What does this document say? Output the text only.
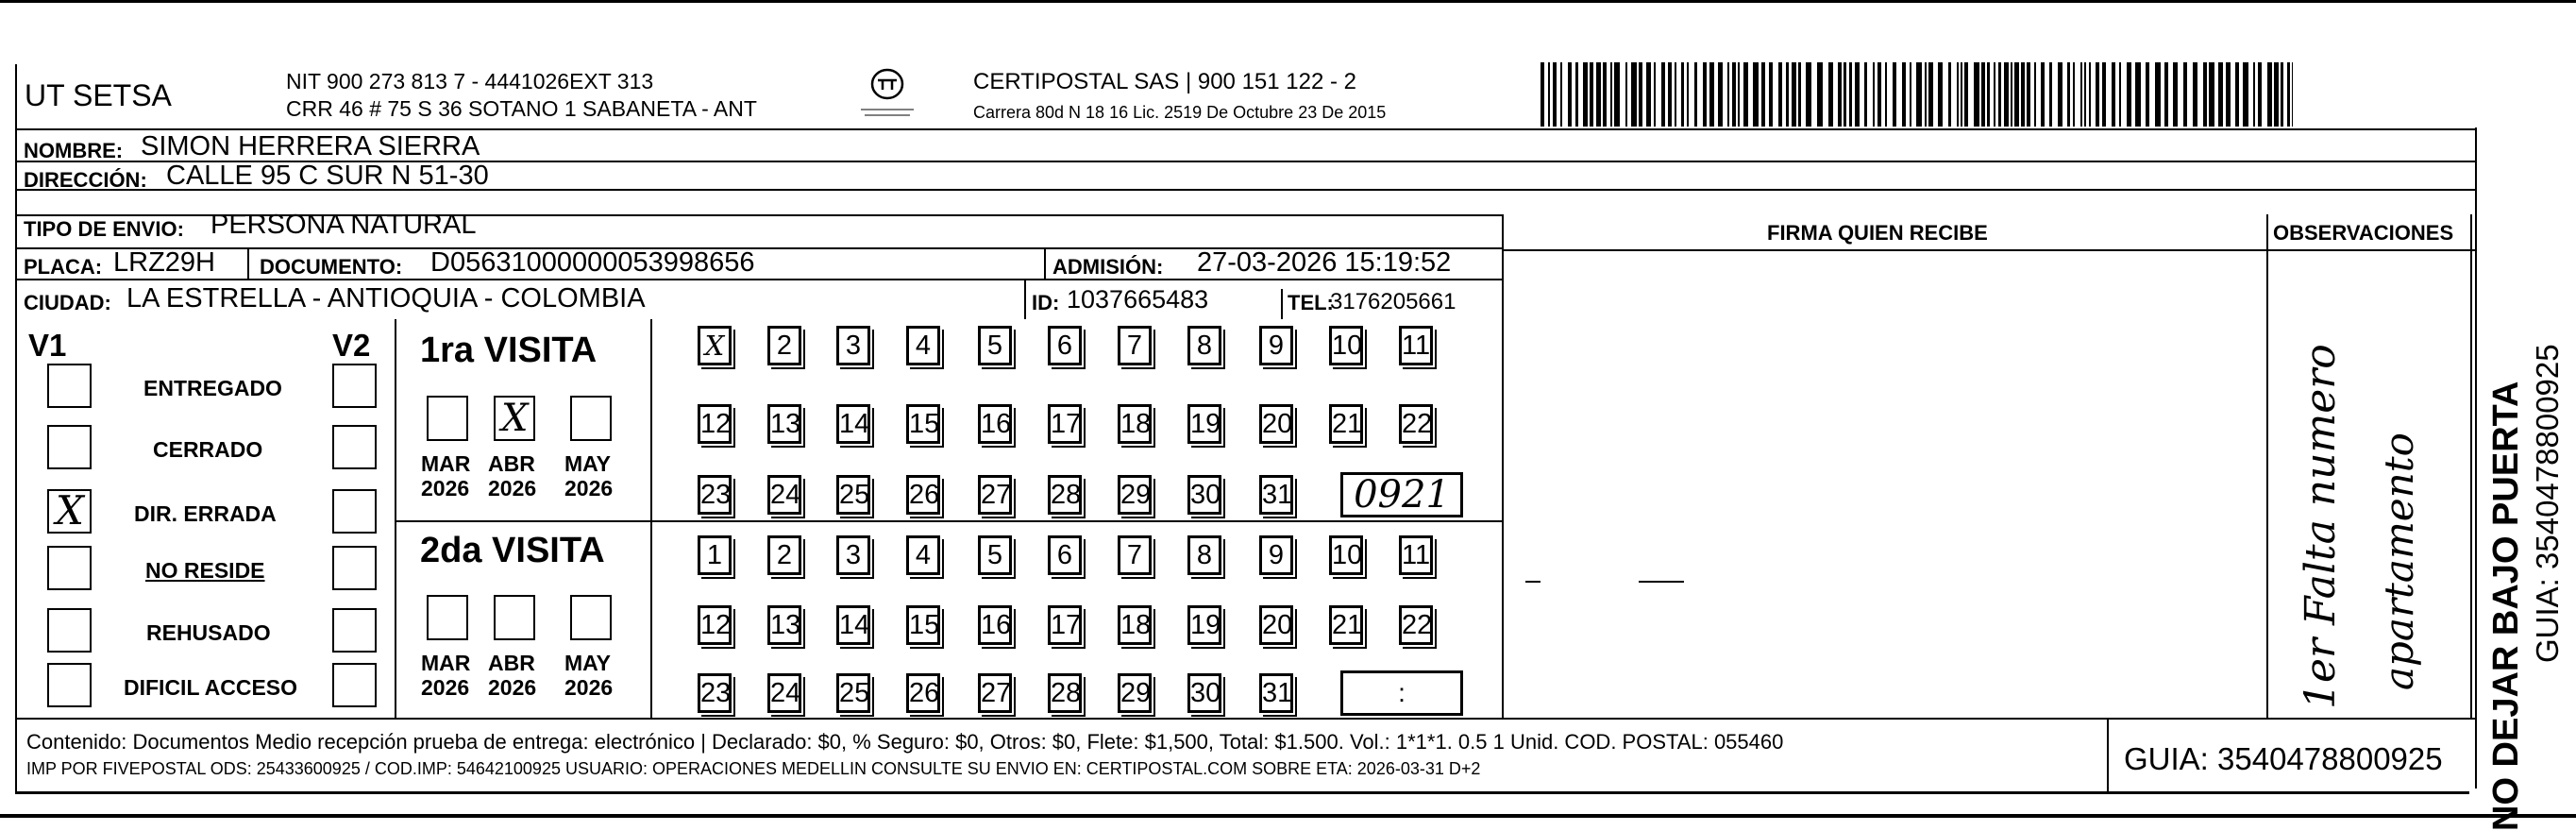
UT SETSA	NIT 900 273 813 7 - 4441026EXT 313
CRR 46 # 75 S 36 SOTANO 1 SABANETA - ANT
CERTIPOSTAL SAS | 900 151 122 - 2
Carrera 80d N 18 16 Lic. 2519 De Octubre 23 De 2015
NOMBRE: SIMON HERRERA SIERRA
DIRECCIÓN: CALLE 95 C SUR N 51-30
TIPO DE ENVIO: PERSONA NATURAL
PLACA: LRZ29H DOCUMENTO: D05631000000053998656	ADMISIÓN: 27-03-2026 15:19:52
CIUDAD: LA ESTRELLA - ANTIOQUIA - COLOMBIA	ID: 1037665483	TEL:
3176205661
V1	V2
ENTREGADO
CERRADO
X DIR. ERRADA
NO RESIDE
REHUSADO
DIFICIL ACCESO
1ra VISITA
2da VISITA
MAR
2026
X
ABR
2026
MAY
2026
MAR
2026
ABR
2026
MAY
2026
X	2	3	4	5	6	7	8	9	10 11
12 13 14 15 16 17 18 19 20 21 22
23 24 25 26 27 28 29 30 31	0921
1	2	3	4	5	6	7	8	9	10 11
12 13 14 15 16 17 18 19 20 21 22
23 24 25 26 27 28 29 30 31	:
FIRMA QUIEN RECIBE	OBSERVACIONES
1er Falta numero apartamento NO DEJAR BAJO PUERTA GUIA: 3540478800925
Contenido: Documentos Medio recepción prueba de entrega: electrónico | Declarado: $0, % Seguro: $0, Otros: $0, Flete: $1,500, Total: $1.500. Vol.: 1*1*1. 0.5 1 Unid. COD. POSTAL: 055460
IMP POR FIVEPOSTAL ODS: 25433600925 / COD.IMP: 54642100925 USUARIO: OPERACIONES MEDELLIN CONSULTE SU ENVIO EN: CERTIPOSTAL.COM SOBRE ETA: 2026-03-31 D+2	GUIA: 3540478800925
